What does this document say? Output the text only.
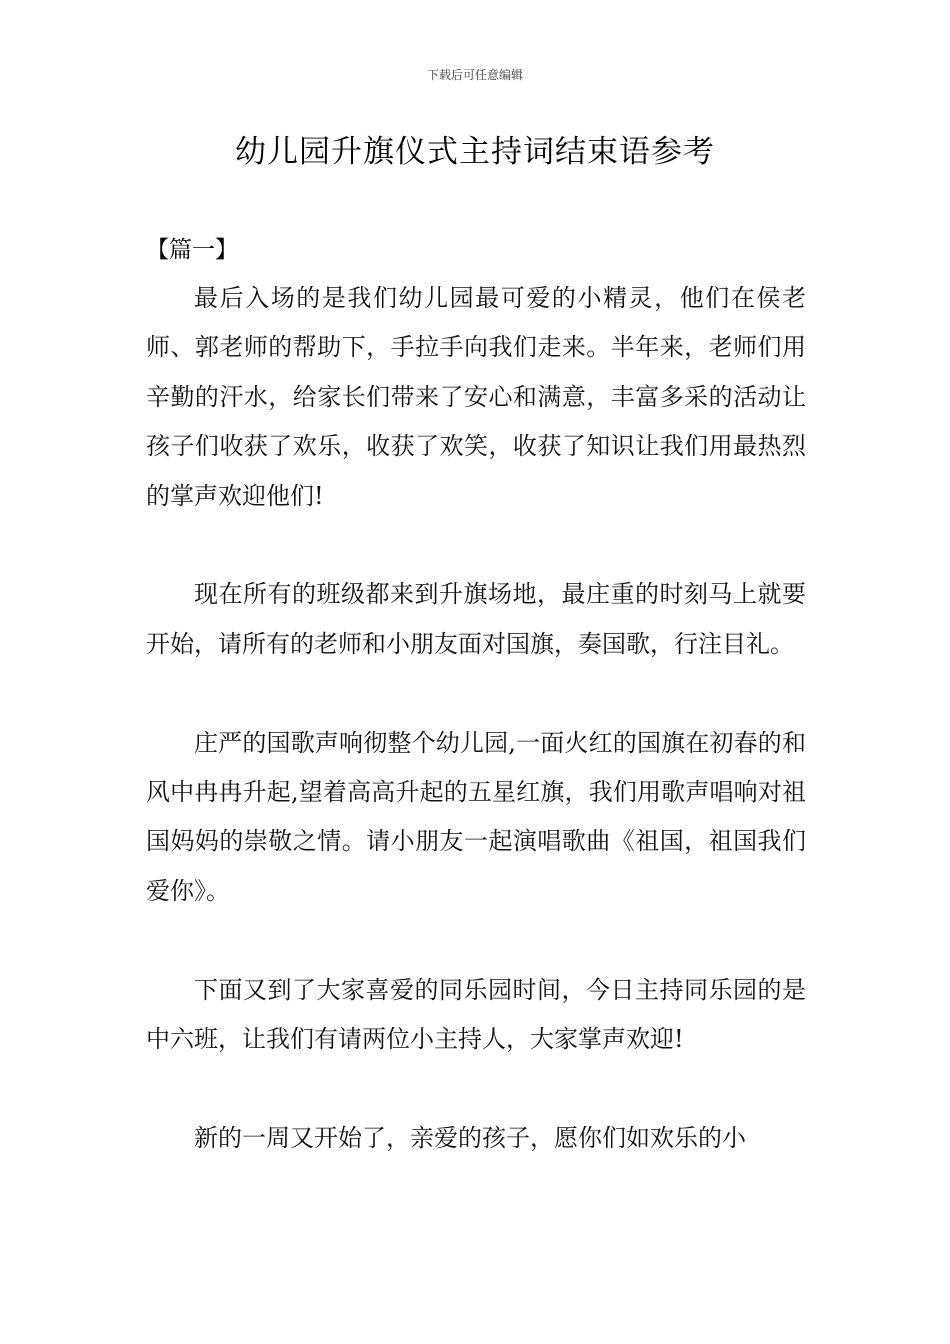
下载后可任意编辑
幼儿园升旗仪式主持词结束语参考
【篇一】

最后入场的是我们幼儿园最可爱的小精灵，他们在侯老师、郭老师的帮助下，手拉手向我们走来。半年来，老师们用辛勤的汗水，给家长们带来了安心和满意，丰富多采的活动让孩子们收获了欢乐，收获了欢笑，收获了知识让我们用最热烈的掌声欢迎他们!

现在所有的班级都来到升旗场地，最庄重的时刻马上就要开始，请所有的老师和小朋友面对国旗，奏国歌，行注目礼。

庄严的国歌声响彻整个幼儿园,一面火红的国旗在初春的和风中冉冉升起,望着高高升起的五星红旗，我们用歌声唱响对祖国妈妈的崇敬之情。请小朋友一起演唱歌曲《祖国，祖国我们爱你》。

下面又到了大家喜爱的同乐园时间，今日主持同乐园的是中六班，让我们有请两位小主持人，大家掌声欢迎!

新的一周又开始了，亲爱的孩子，愿你们如欢乐的小
